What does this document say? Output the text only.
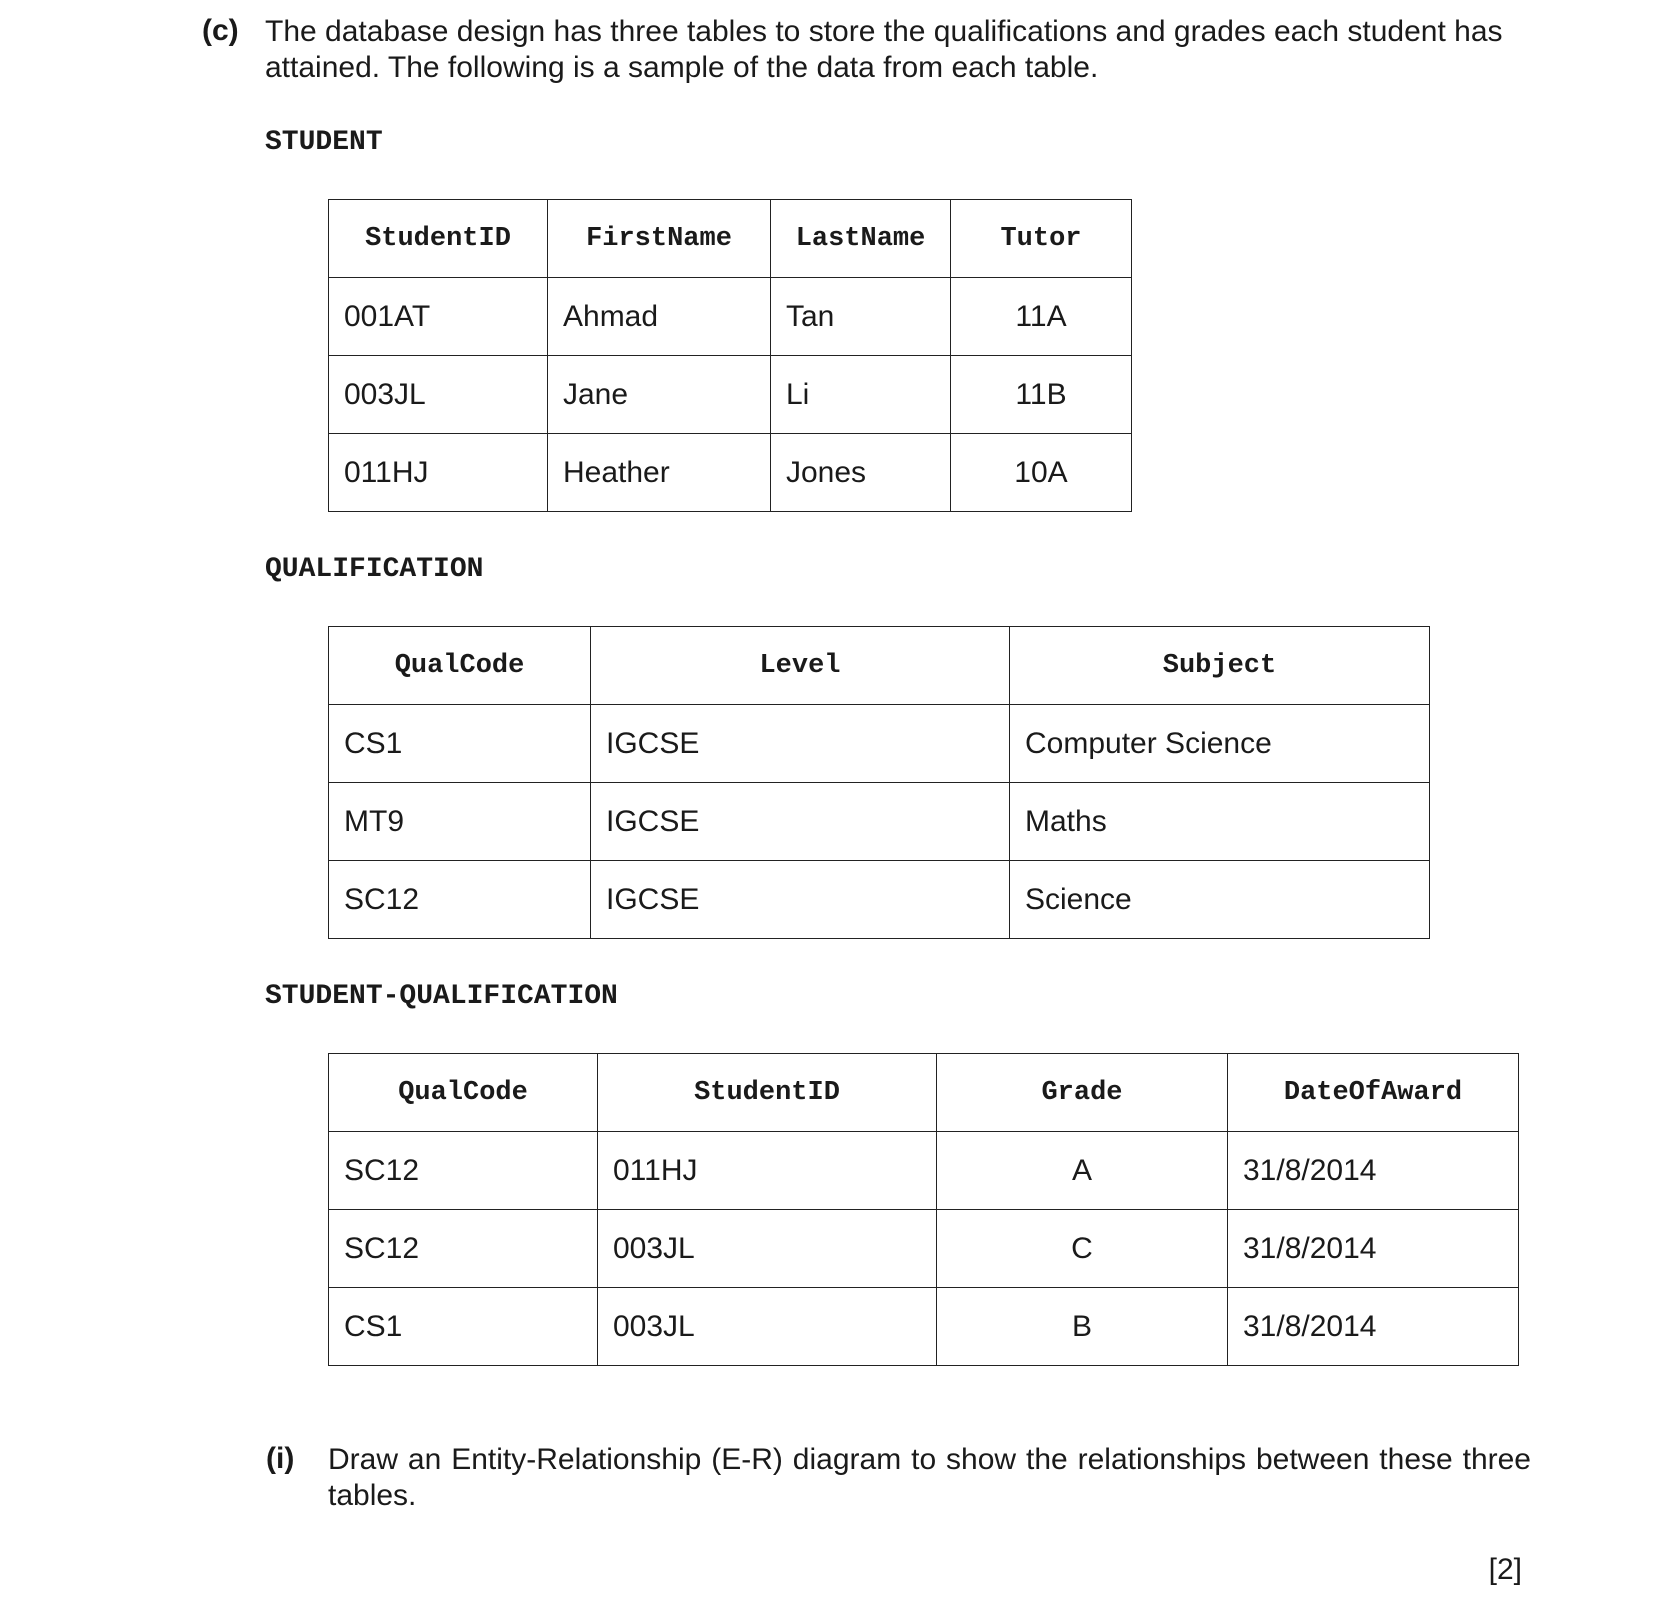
(c) The database design has three tables to store the qualifications and grades each student has attained. The following is a sample of the data from each table.
STUDENT
StudentID	FirstName	LastName	Tutor
001AT	Ahmad	Tan	11A
003JL	Jane	Li	11B
011HJ	Heather	Jones	10A
QUALIFICATION
QualCode	Level	Subject
CS1	IGCSE	Computer Science
MT9	IGCSE	Maths
SC12	IGCSE	Science
STUDENT-QUALIFICATION
QualCode	StudentID	Grade	DateOfAward
SC12	011HJ	A	31/8/2014
SC12	003JL	C	31/8/2014
CS1	003JL	B	31/8/2014
(i) Draw an Entity-Relationship (E-R) diagram to show the relationships between these three tables.
[2]
